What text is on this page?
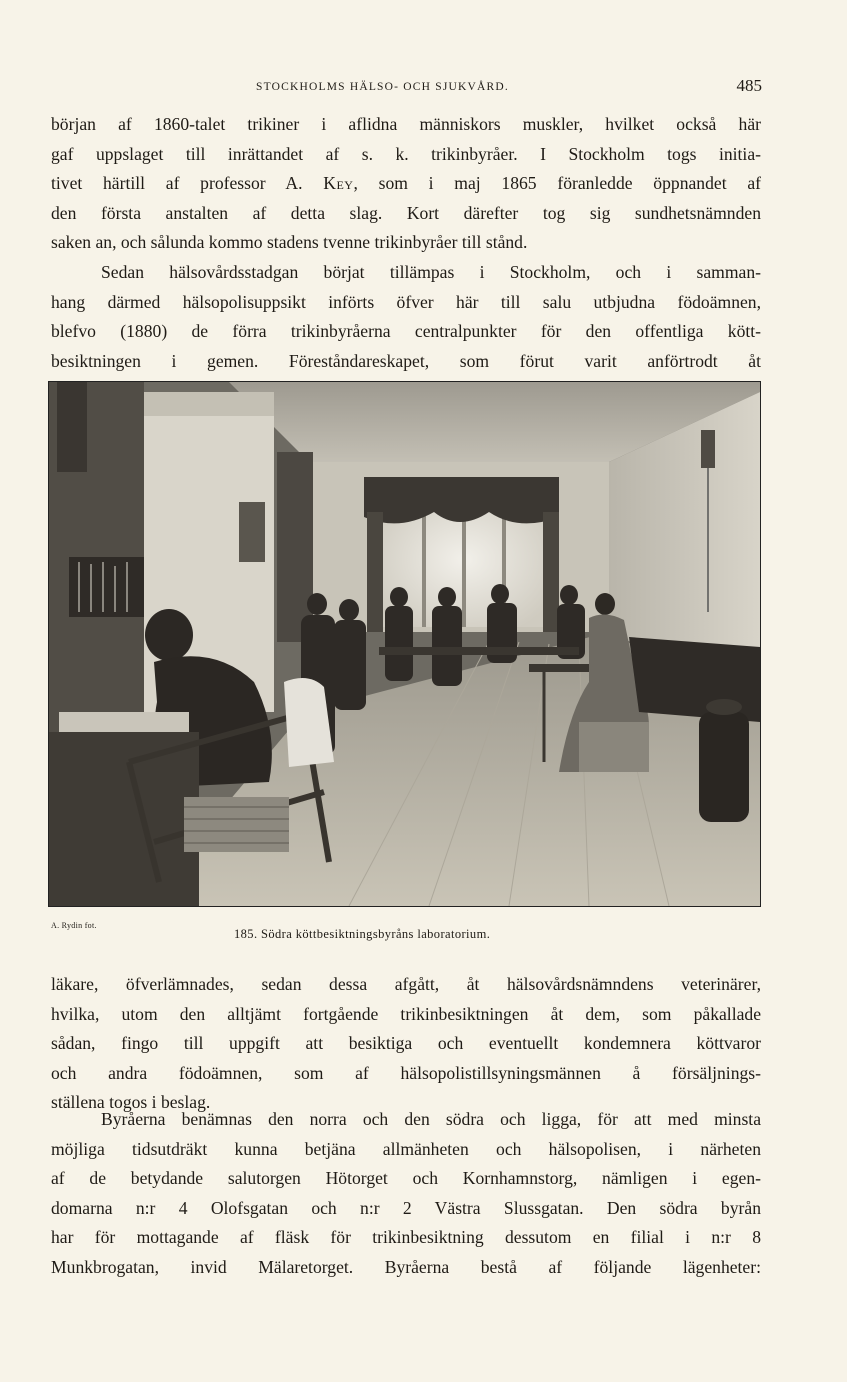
STOCKHOLMS HÄLSO- OCH SJUKVÅRD.	485
början af 1860-talet trikiner i aflidna människors muskler, hvilket också här
gaf uppslaget till inrättandet af s. k. trikinbyråer. I Stockholm togs initia-
tivet härtill af professor A. Key, som i maj 1865 föranledde öppnandet af
den första anstalten af detta slag. Kort därefter tog sig sundhetsnämnden
saken an, och sålunda kommo stadens tvenne trikinbyråer till stånd.
Sedan hälsovårdsstadgan börjat tillämpas i Stockholm, och i samman-
hang därmed hälsopolisuppsikt införts öfver här till salu utbjudna födoämnen,
blefvo (1880) de förra trikinbyråerna centralpunkter för den offentliga kött-
besiktningen i gemen. Föreståndareskapet, som förut varit anförtrodt åt
A. Rydin fot.
185. Södra köttbesiktningsbyråns laboratorium.
läkare, öfverlämnades, sedan dessa afgått, åt hälsovårdsnämndens veterinärer,
hvilka, utom den alltjämt fortgående trikinbesiktningen åt dem, som påkallade
sådan, fingo till uppgift att besiktiga och eventuellt kondemnera köttvaror
och andra födoämnen, som af hälsopolistillsyningsmännen å försäljnings-
ställena togos i beslag.
Byråerna benämnas den norra och den södra och ligga, för att med minsta
möjliga tidsutdräkt kunna betjäna allmänheten och hälsopolisen, i närheten
af de betydande salutorgen Hötorget och Kornhamnstorg, nämligen i egen-
domarna n:r 4 Olofsgatan och n:r 2 Västra Slussgatan. Den södra byrån
har för mottagande af fläsk för trikinbesiktning dessutom en filial i n:r 8
Munkbrogatan, invid Mälaretorget. Byråerna bestå af följande lägenheter:
